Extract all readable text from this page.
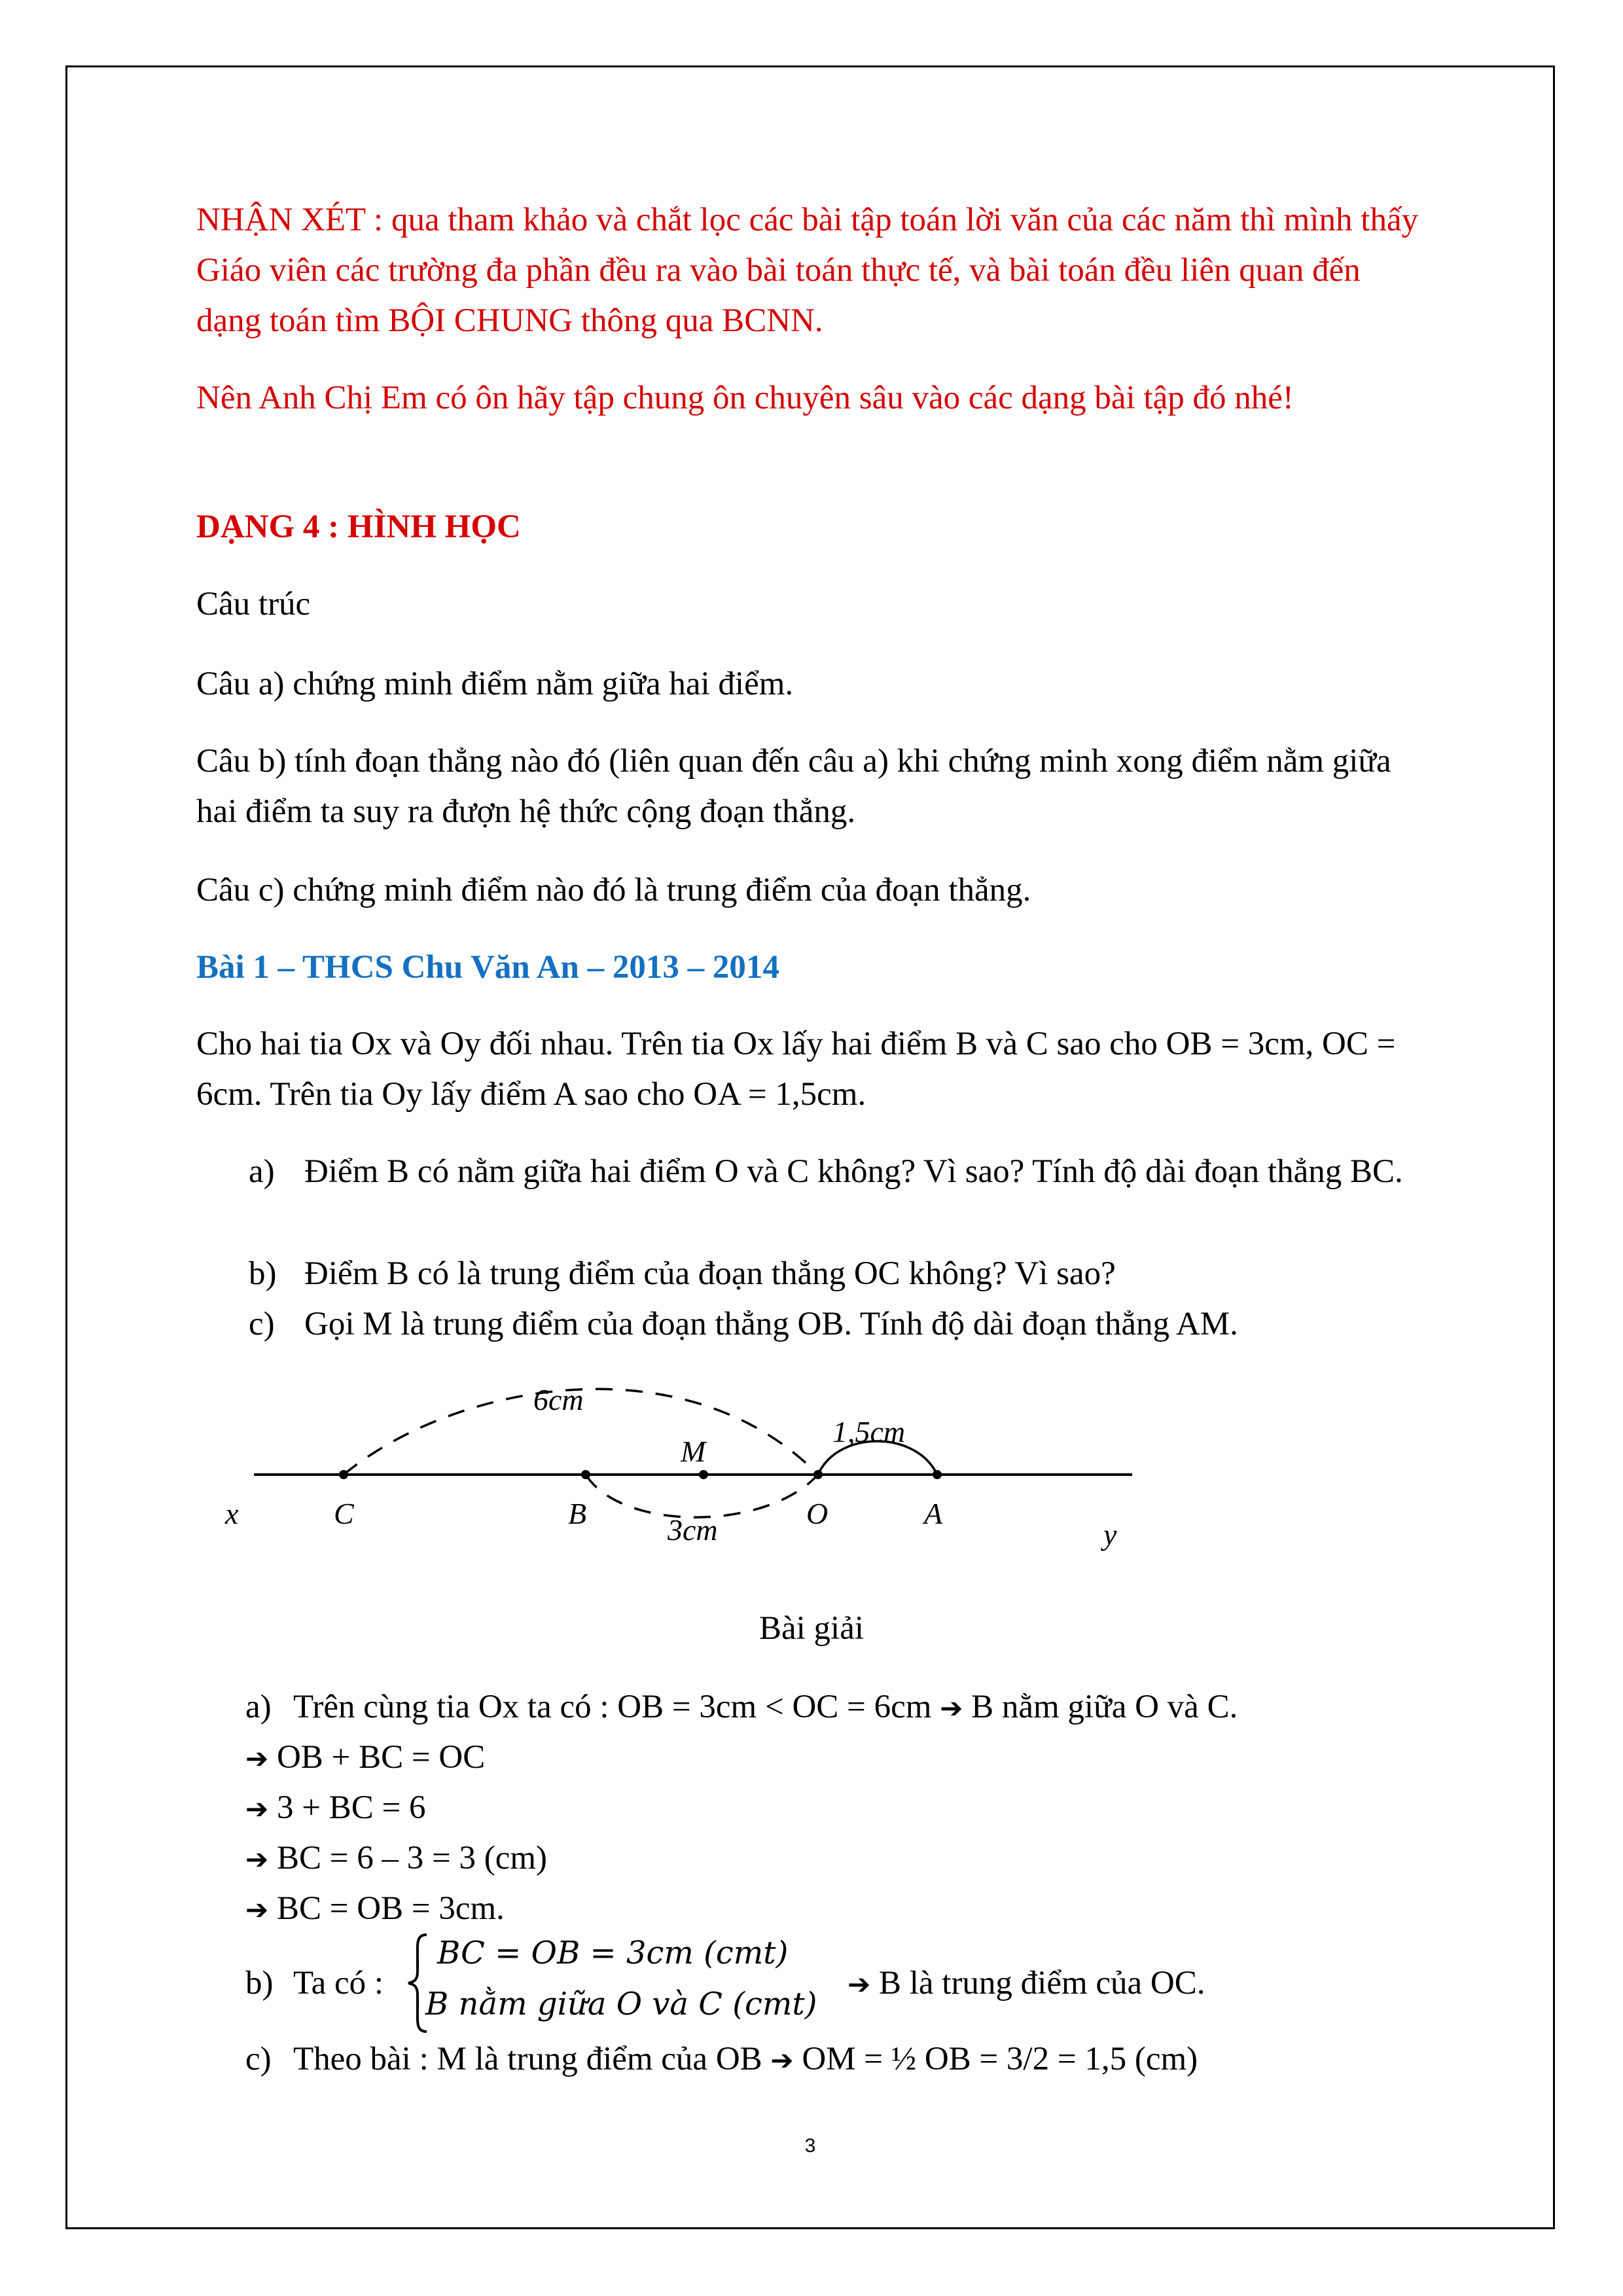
NHẬN XÉT : qua tham khảo và chắt lọc các bài tập toán lời văn của các năm thì mình thấy Giáo viên các trường đa phần đều ra vào bài toán thực tế, và bài toán đều liên quan đến dạng toán tìm BỘI CHUNG thông qua BCNN.

Nên Anh Chị Em có ôn hãy tập chung ôn chuyên sâu vào các dạng bài tập đó nhé!

DẠNG 4 : HÌNH HỌC

Câu trúc

Câu a) chứng minh điểm nằm giữa hai điểm.

Câu b) tính đoạn thẳng nào đó (liên quan đến câu a) khi chứng minh xong điểm nằm giữa hai điểm ta suy ra đượn hệ thức cộng đoạn thẳng.

Câu c) chứng minh điểm nào đó là trung điểm của đoạn thẳng.

Bài 1 – THCS Chu Văn An – 2013 – 2014

Cho hai tia Ox và Oy đối nhau. Trên tia Ox lấy hai điểm B và C sao cho OB = 3cm, OC = 6cm. Trên tia Oy lấy điểm A sao cho OA = 1,5cm.

a) Điểm B có nằm giữa hai điểm O và C không? Vì sao? Tính độ dài đoạn thẳng BC.

b) Điểm B có là trung điểm của đoạn thẳng OC không? Vì sao?

c) Gọi M là trung điểm của đoạn thẳng OB. Tính độ dài đoạn thẳng AM.

x	C	B
M
O	A
y
6cm
3cm
1,5cm

Bài giải

a) Trên cùng tia Ox ta có : OB = 3cm < OC = 6cm ➔ B nằm giữa O và C.

➔ OB + BC = OC

➔ 3 + BC = 6

➔ BC = 6 – 3 = 3 (cm)

➔ BC = OB = 3cm.

b) Ta có :
BC = OB = 3cm (cmt)
B nằm giữa O và C (cmt)

➔ B là trung điểm của OC.

c) Theo bài : M là trung điểm của OB ➔ OM = ½ OB = 3/2 = 1,5 (cm)

3
